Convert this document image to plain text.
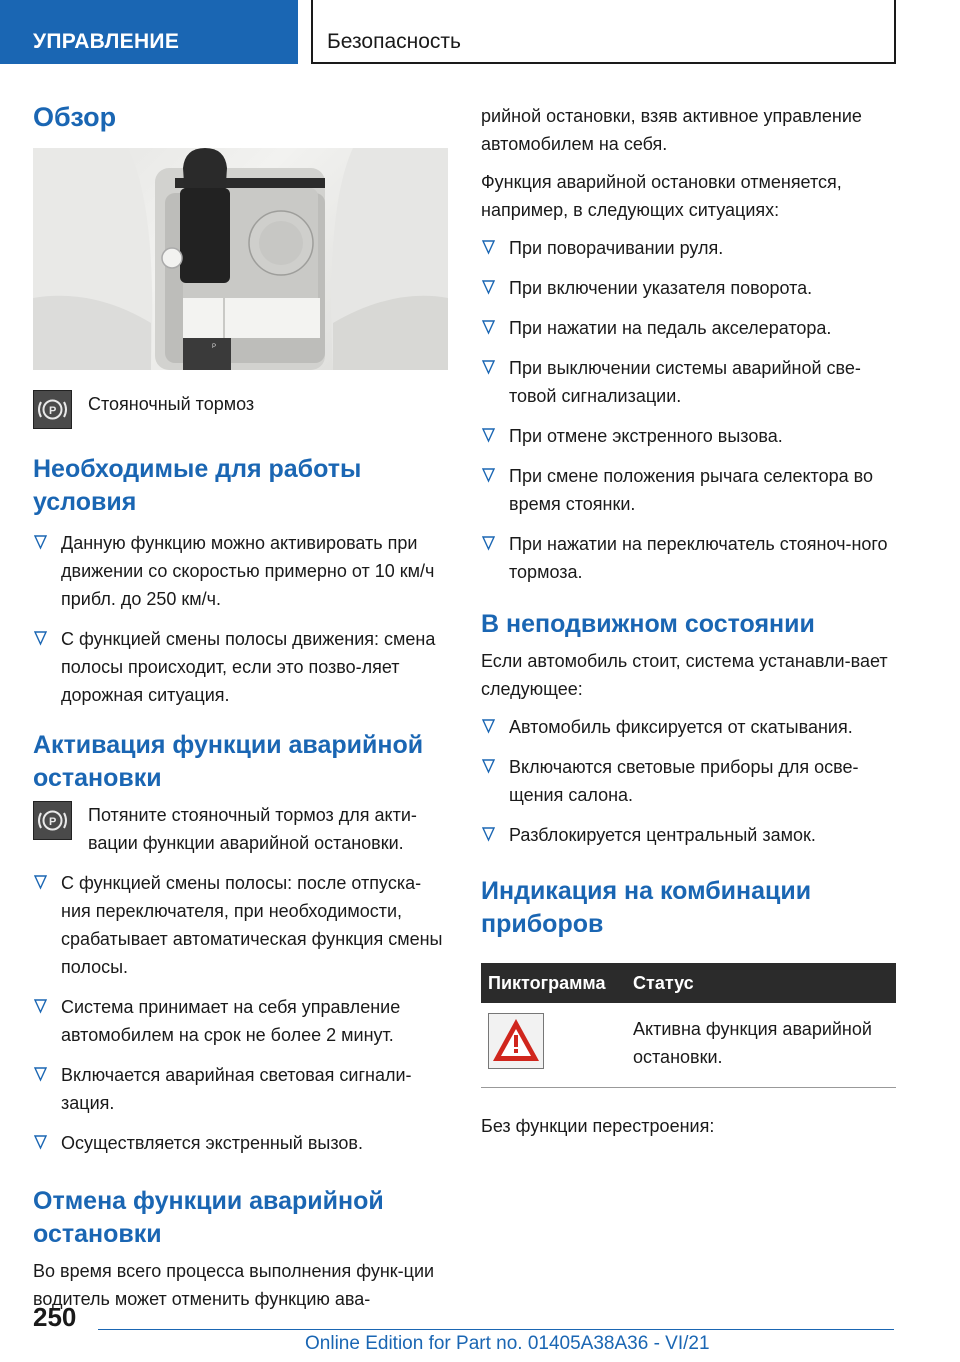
УПРАВЛЕНИЕ	Безопасность
Обзор
P
P Стояночный тормоз
Необходимые для работы условия
Данную функцию можно активировать при движении со скоростью примерно от 10 км/ч прибл. до 250 км/ч.
С функцией смены полосы движения: смена полосы происходит, если это позво-ляет дорожная ситуация.
Активация функции аварийной остановки
P Потяните стояночный тормоз для акти-вации функции аварийной остановки.
С функцией смены полосы: после отпуска-ния переключателя, при необходимости, срабатывает автоматическая функция смены полосы.
Система принимает на себя управление автомобилем на срок не более 2 минут.
Включается аварийная световая сигнали-зация.
Осуществляется экстренный вызов.
Отмена функции аварийной остановки

Во время всего процесса выполнения функ-ции водитель может отменить функцию ава-

рийной остановки, взяв активное управление автомобилем на себя.

Функция аварийной остановки отменяется, например, в следующих ситуациях:

При поворачивании руля.
При включении указателя поворота.
При нажатии на педаль акселератора.
При выключении системы аварийной све-товой сигнализации.
При отмене экстренного вызова.
При смене положения рычага селектора во время стоянки.
При нажатии на переключатель стояноч-ного тормоза.
В неподвижном состоянии

Если автомобиль стоит, система устанавли-вает следующее:

Автомобиль фиксируется от скатывания.
Включаются световые приборы для осве-щения салона.
Разблокируется центральный замок.
Индикация на комбинации приборов
Пиктограмма	Статус
	Активна функция аварийной остановки.

Без функции перестроения:

250
Online Edition for Part no. 01405A38A36 - VI/21
